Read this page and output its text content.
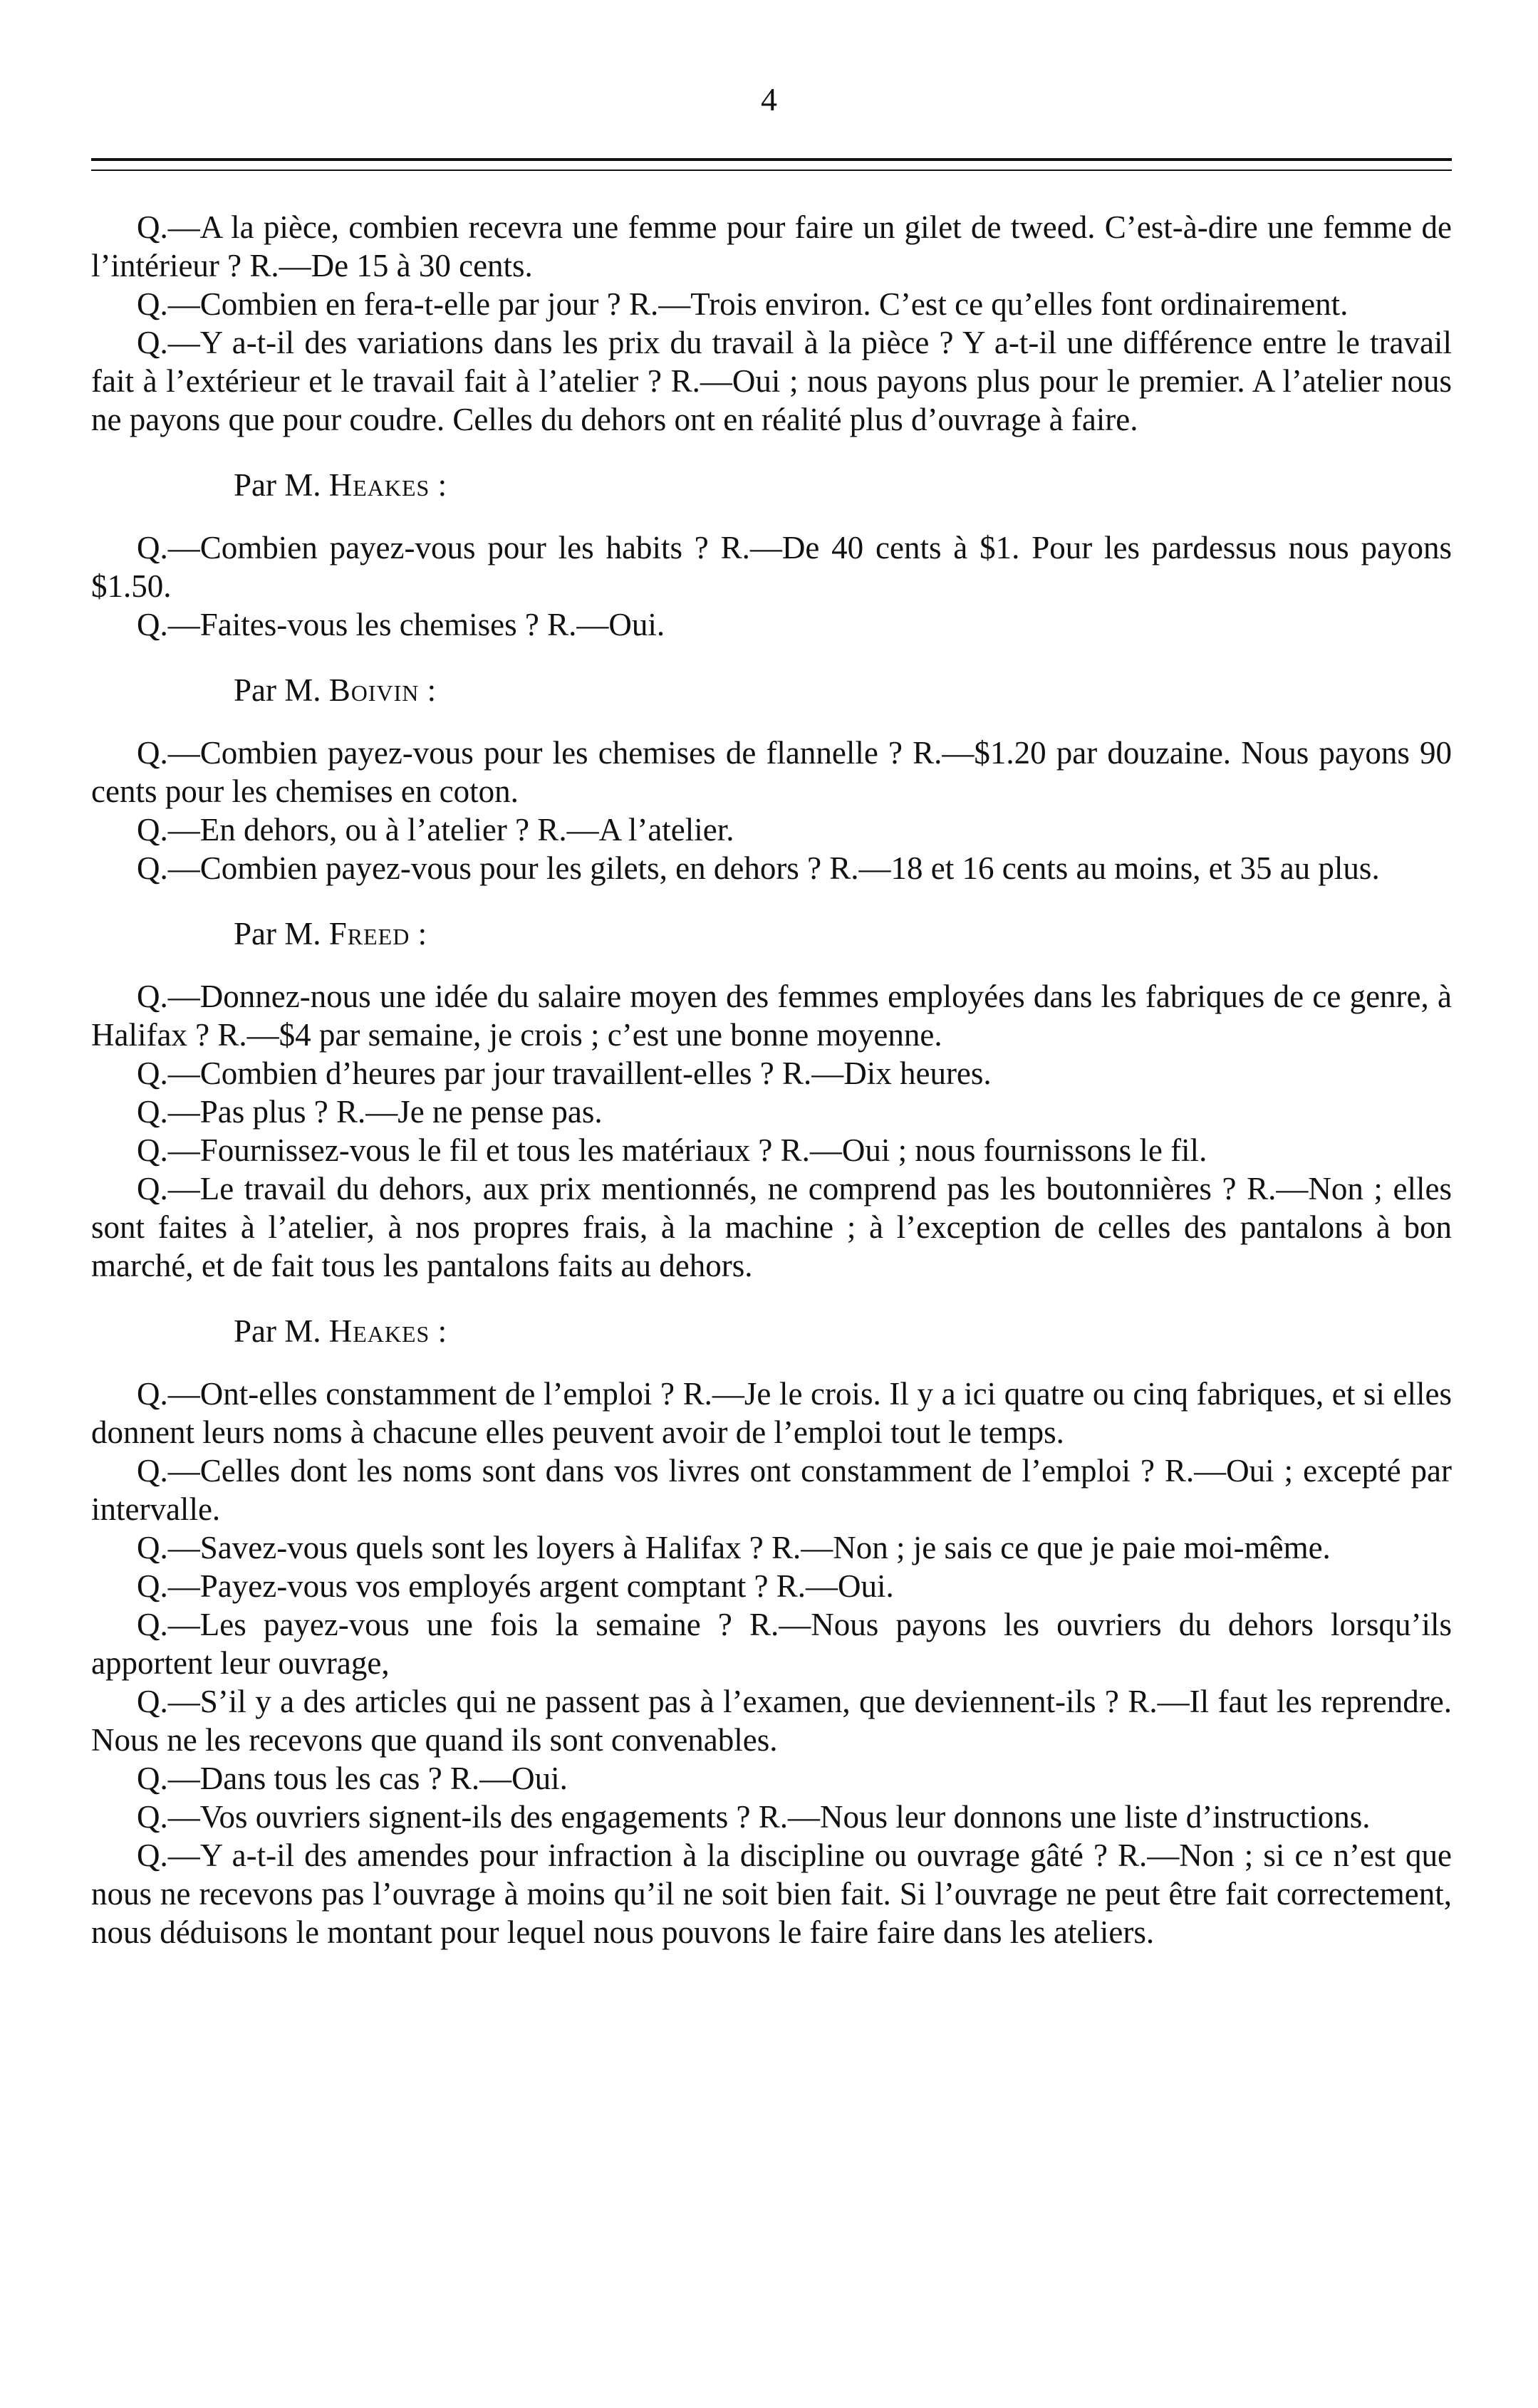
4

Q.—A la pièce, combien recevra une femme pour faire un gilet de tweed. C’est-à-dire une femme de l’intérieur ? R.—De 15 à 30 cents.

Q.—Combien en fera-t-elle par jour ? R.—Trois environ. C’est ce qu’elles font ordinairement.

Q.—Y a-t-il des variations dans les prix du travail à la pièce ? Y a-t-il une différence entre le travail fait à l’extérieur et le travail fait à l’atelier ? R.—Oui ; nous payons plus pour le premier. A l’atelier nous ne payons que pour coudre. Celles du dehors ont en réalité plus d’ouvrage à faire.

Par M. Heakes :

Q.—Combien payez-vous pour les habits ? R.—De 40 cents à $1. Pour les pardessus nous payons $1.50.

Q.—Faites-vous les chemises ? R.—Oui.

Par M. Boivin :

Q.—Combien payez-vous pour les chemises de flannelle ? R.—$1.20 par douzaine. Nous payons 90 cents pour les chemises en coton.

Q.—En dehors, ou à l’atelier ? R.—A l’atelier.

Q.—Combien payez-vous pour les gilets, en dehors ? R.—18 et 16 cents au moins, et 35 au plus.

Par M. Freed :

Q.—Donnez-nous une idée du salaire moyen des femmes employées dans les fabriques de ce genre, à Halifax ? R.—$4 par semaine, je crois ; c’est une bonne moyenne.

Q.—Combien d’heures par jour travaillent-elles ? R.—Dix heures.

Q.—Pas plus ? R.—Je ne pense pas.

Q.—Fournissez-vous le fil et tous les matériaux ? R.—Oui ; nous fournissons le fil.

Q.—Le travail du dehors, aux prix mentionnés, ne comprend pas les boutonnières ? R.—Non ; elles sont faites à l’atelier, à nos propres frais, à la machine ; à l’exception de celles des pantalons à bon marché, et de fait tous les pantalons faits au dehors.

Par M. Heakes :

Q.—Ont-elles constamment de l’emploi ? R.—Je le crois. Il y a ici quatre ou cinq fabriques, et si elles donnent leurs noms à chacune elles peuvent avoir de l’emploi tout le temps.

Q.—Celles dont les noms sont dans vos livres ont constamment de l’emploi ? R.—Oui ; excepté par intervalle.

Q.—Savez-vous quels sont les loyers à Halifax ? R.—Non ; je sais ce que je paie moi-même.

Q.—Payez-vous vos employés argent comptant ? R.—Oui.

Q.—Les payez-vous une fois la semaine ? R.—Nous payons les ouvriers du dehors lorsqu’ils apportent leur ouvrage,

Q.—S’il y a des articles qui ne passent pas à l’examen, que deviennent-ils ? R.—Il faut les reprendre. Nous ne les recevons que quand ils sont convenables.

Q.—Dans tous les cas ? R.—Oui.

Q.—Vos ouvriers signent-ils des engagements ? R.—Nous leur donnons une liste d’instructions.

Q.—Y a-t-il des amendes pour infraction à la discipline ou ouvrage gâté ? R.—Non ; si ce n’est que nous ne recevons pas l’ouvrage à moins qu’il ne soit bien fait. Si l’ouvrage ne peut être fait correctement, nous déduisons le montant pour lequel nous pouvons le faire faire dans les ateliers.
